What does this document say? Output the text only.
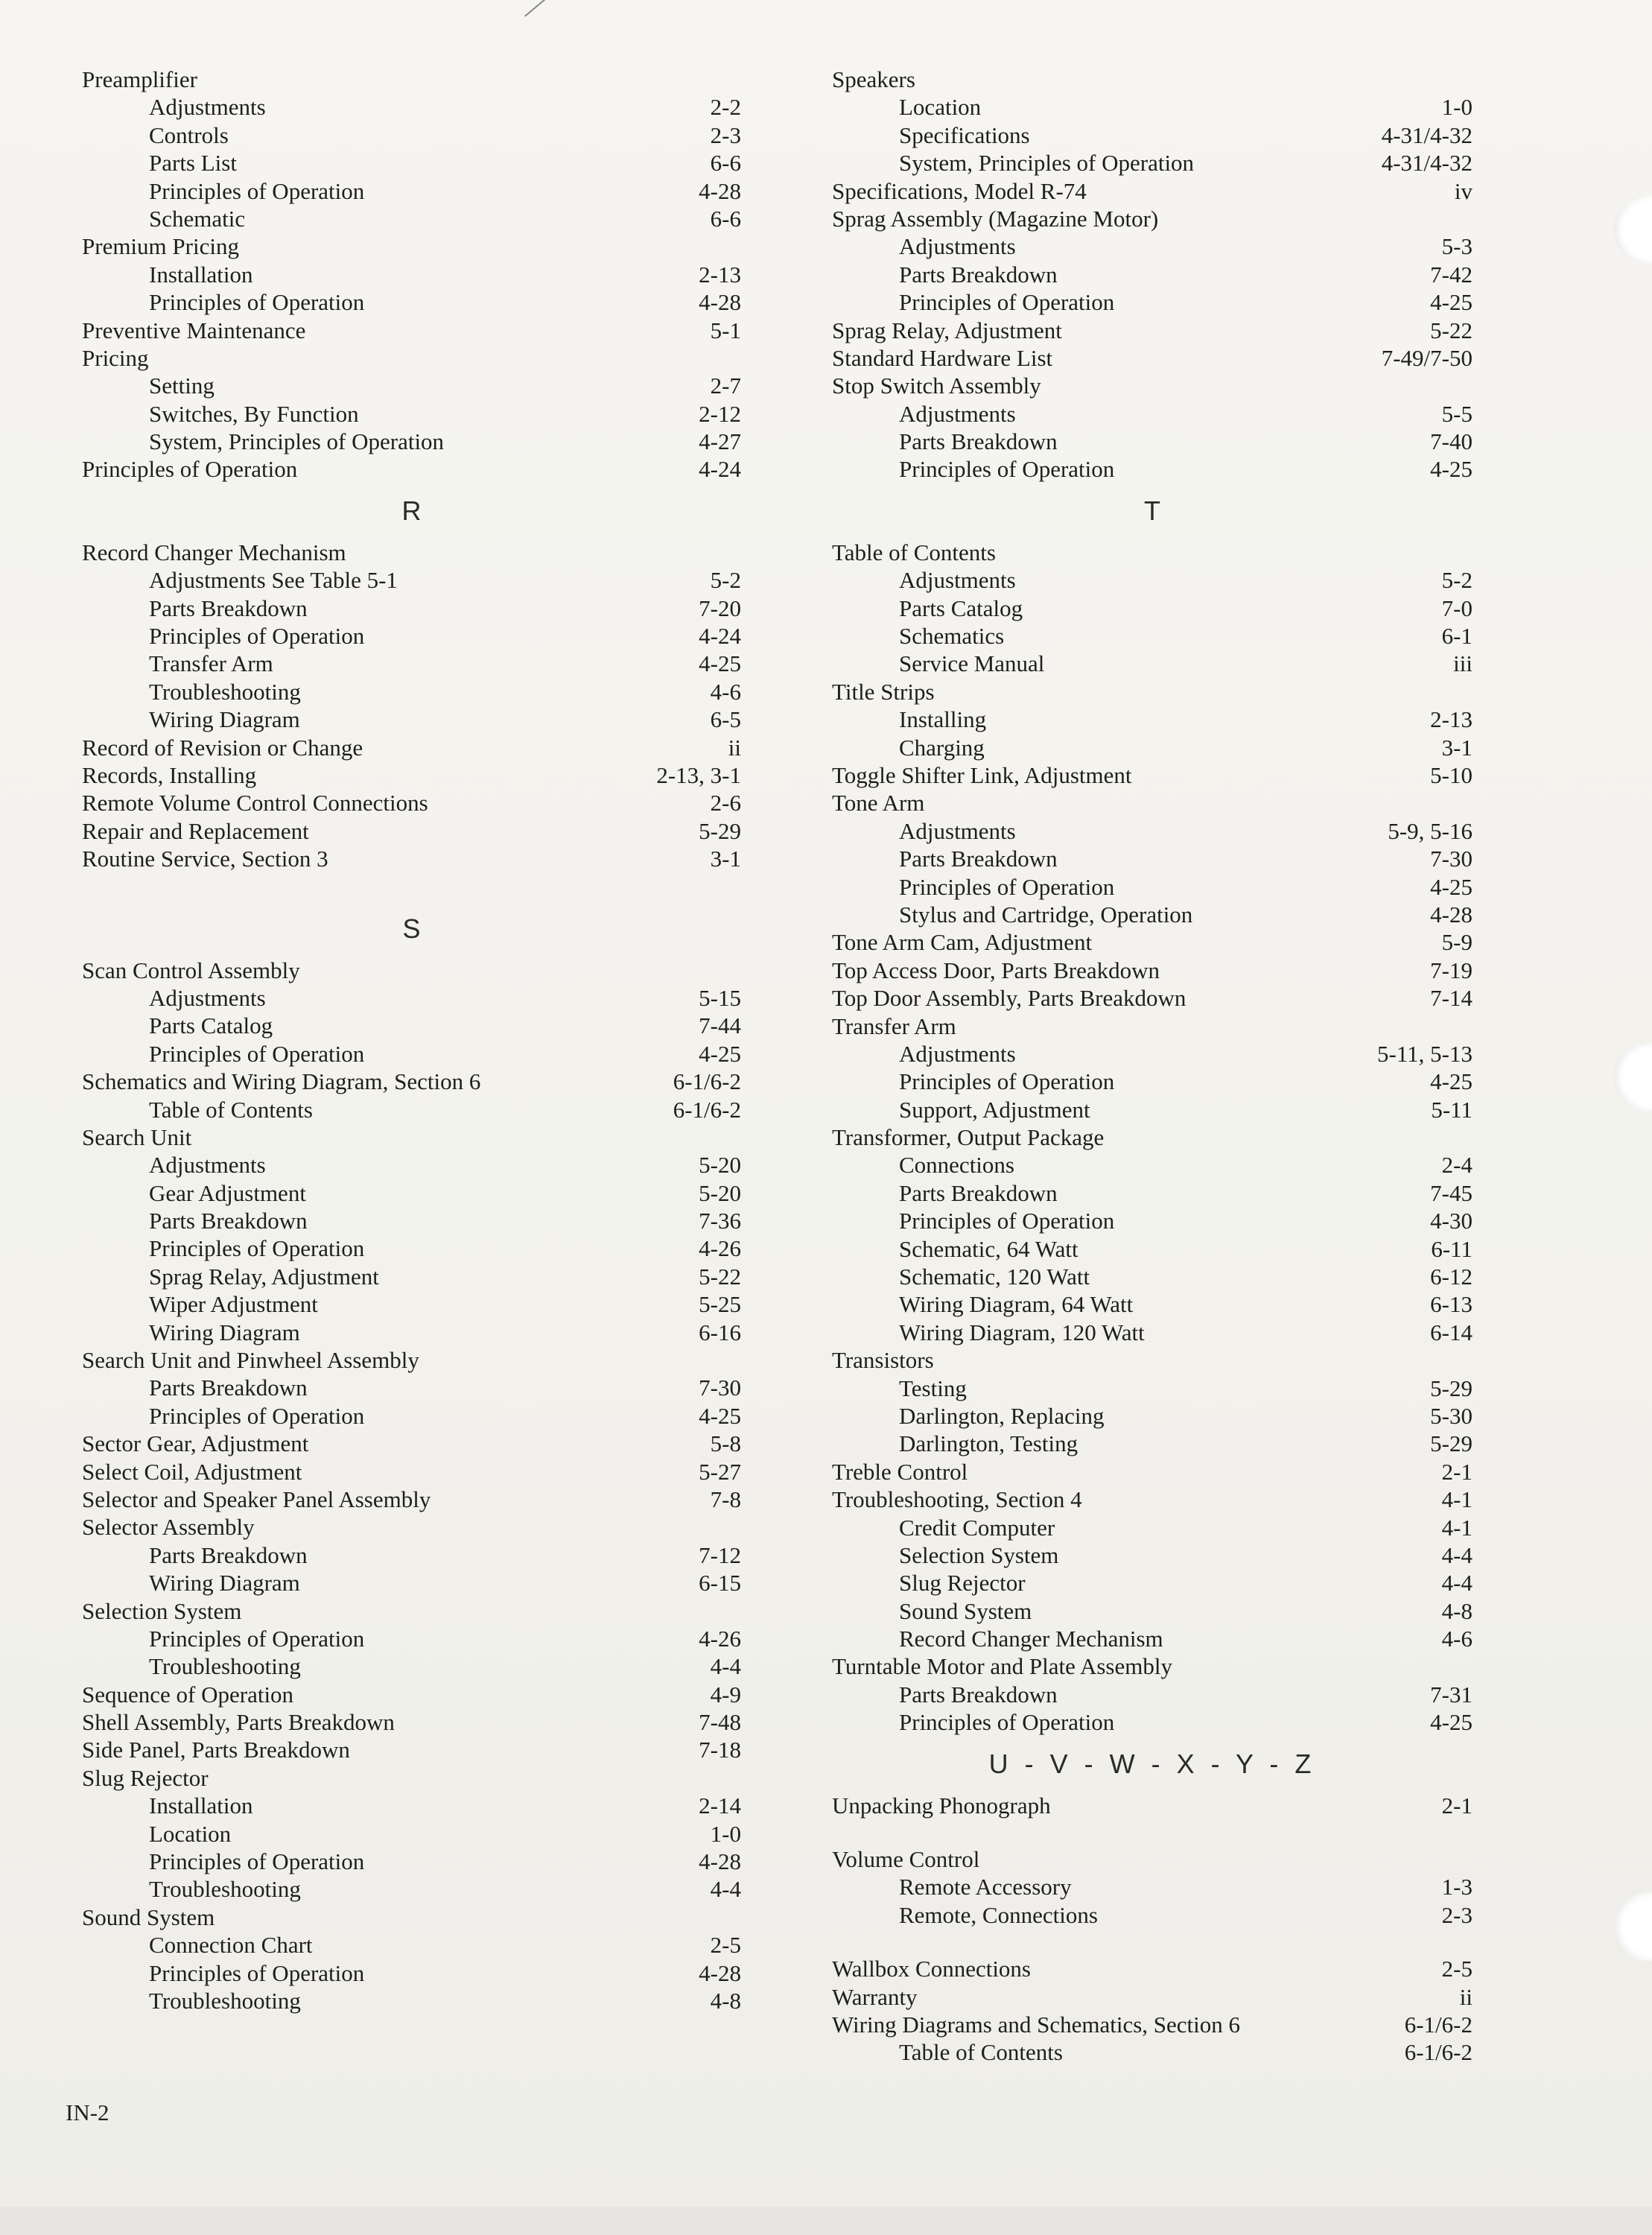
Preamplifier
Adjustments	2-2
Controls	2-3
Parts List	6-6
Principles of Operation	4-28
Schematic	6-6
Premium Pricing
Installation	2-13
Principles of Operation	4-28
Preventive Maintenance	5-1
Pricing
Setting	2-7
Switches, By Function	2-12
System, Principles of Operation	4-27
Principles of Operation	4-24
R
Record Changer Mechanism
Adjustments See Table 5-1	5-2
Parts Breakdown	7-20
Principles of Operation	4-24
Transfer Arm	4-25
Troubleshooting	4-6
Wiring Diagram	6-5
Record of Revision or Change	ii
Records, Installing	2-13, 3-1
Remote Volume Control Connections	2-6
Repair and Replacement	5-29
Routine Service, Section 3	3-1
S
Scan Control Assembly
Adjustments	5-15
Parts Catalog	7-44
Principles of Operation	4-25
Schematics and Wiring Diagram, Section 6	6-1/6-2
Table of Contents	6-1/6-2
Search Unit
Adjustments	5-20
Gear Adjustment	5-20
Parts Breakdown	7-36
Principles of Operation	4-26
Sprag Relay, Adjustment	5-22
Wiper Adjustment	5-25
Wiring Diagram	6-16
Search Unit and Pinwheel Assembly
Parts Breakdown	7-30
Principles of Operation	4-25
Sector Gear, Adjustment	5-8
Select Coil, Adjustment	5-27
Selector and Speaker Panel Assembly	7-8
Selector Assembly
Parts Breakdown	7-12
Wiring Diagram	6-15
Selection System
Principles of Operation	4-26
Troubleshooting	4-4
Sequence of Operation	4-9
Shell Assembly, Parts Breakdown	7-48
Side Panel, Parts Breakdown	7-18
Slug Rejector
Installation	2-14
Location	1-0
Principles of Operation	4-28
Troubleshooting	4-4
Sound System
Connection Chart	2-5
Principles of Operation	4-28
Troubleshooting	4-8
Speakers
Location	1-0
Specifications	4-31/4-32
System, Principles of Operation	4-31/4-32
Specifications, Model R-74	iv
Sprag Assembly (Magazine Motor)
Adjustments	5-3
Parts Breakdown	7-42
Principles of Operation	4-25
Sprag Relay, Adjustment	5-22
Standard Hardware List	7-49/7-50
Stop Switch Assembly
Adjustments	5-5
Parts Breakdown	7-40
Principles of Operation	4-25
T
Table of Contents
Adjustments	5-2
Parts Catalog	7-0
Schematics	6-1
Service Manual	iii
Title Strips
Installing	2-13
Charging	3-1
Toggle Shifter Link, Adjustment	5-10
Tone Arm
Adjustments	5-9, 5-16
Parts Breakdown	7-30
Principles of Operation	4-25
Stylus and Cartridge, Operation	4-28
Tone Arm Cam, Adjustment	5-9
Top Access Door, Parts Breakdown	7-19
Top Door Assembly, Parts Breakdown	7-14
Transfer Arm
Adjustments	5-11, 5-13
Principles of Operation	4-25
Support, Adjustment	5-11
Transformer, Output Package
Connections	2-4
Parts Breakdown	7-45
Principles of Operation	4-30
Schematic, 64 Watt	6-11
Schematic, 120 Watt	6-12
Wiring Diagram, 64 Watt	6-13
Wiring Diagram, 120 Watt	6-14
Transistors
Testing	5-29
Darlington, Replacing	5-30
Darlington, Testing	5-29
Treble Control	2-1
Troubleshooting, Section 4	4-1
Credit Computer	4-1
Selection System	4-4
Slug Rejector	4-4
Sound System	4-8
Record Changer Mechanism	4-6
Turntable Motor and Plate Assembly
Parts Breakdown	7-31
Principles of Operation	4-25
U - V - W - X - Y - Z
Unpacking Phonograph	2-1
Volume Control
Remote Accessory	1-3
Remote, Connections	2-3
Wallbox Connections	2-5
Warranty	ii
Wiring Diagrams and Schematics, Section 6	6-1/6-2
Table of Contents	6-1/6-2
IN-2
